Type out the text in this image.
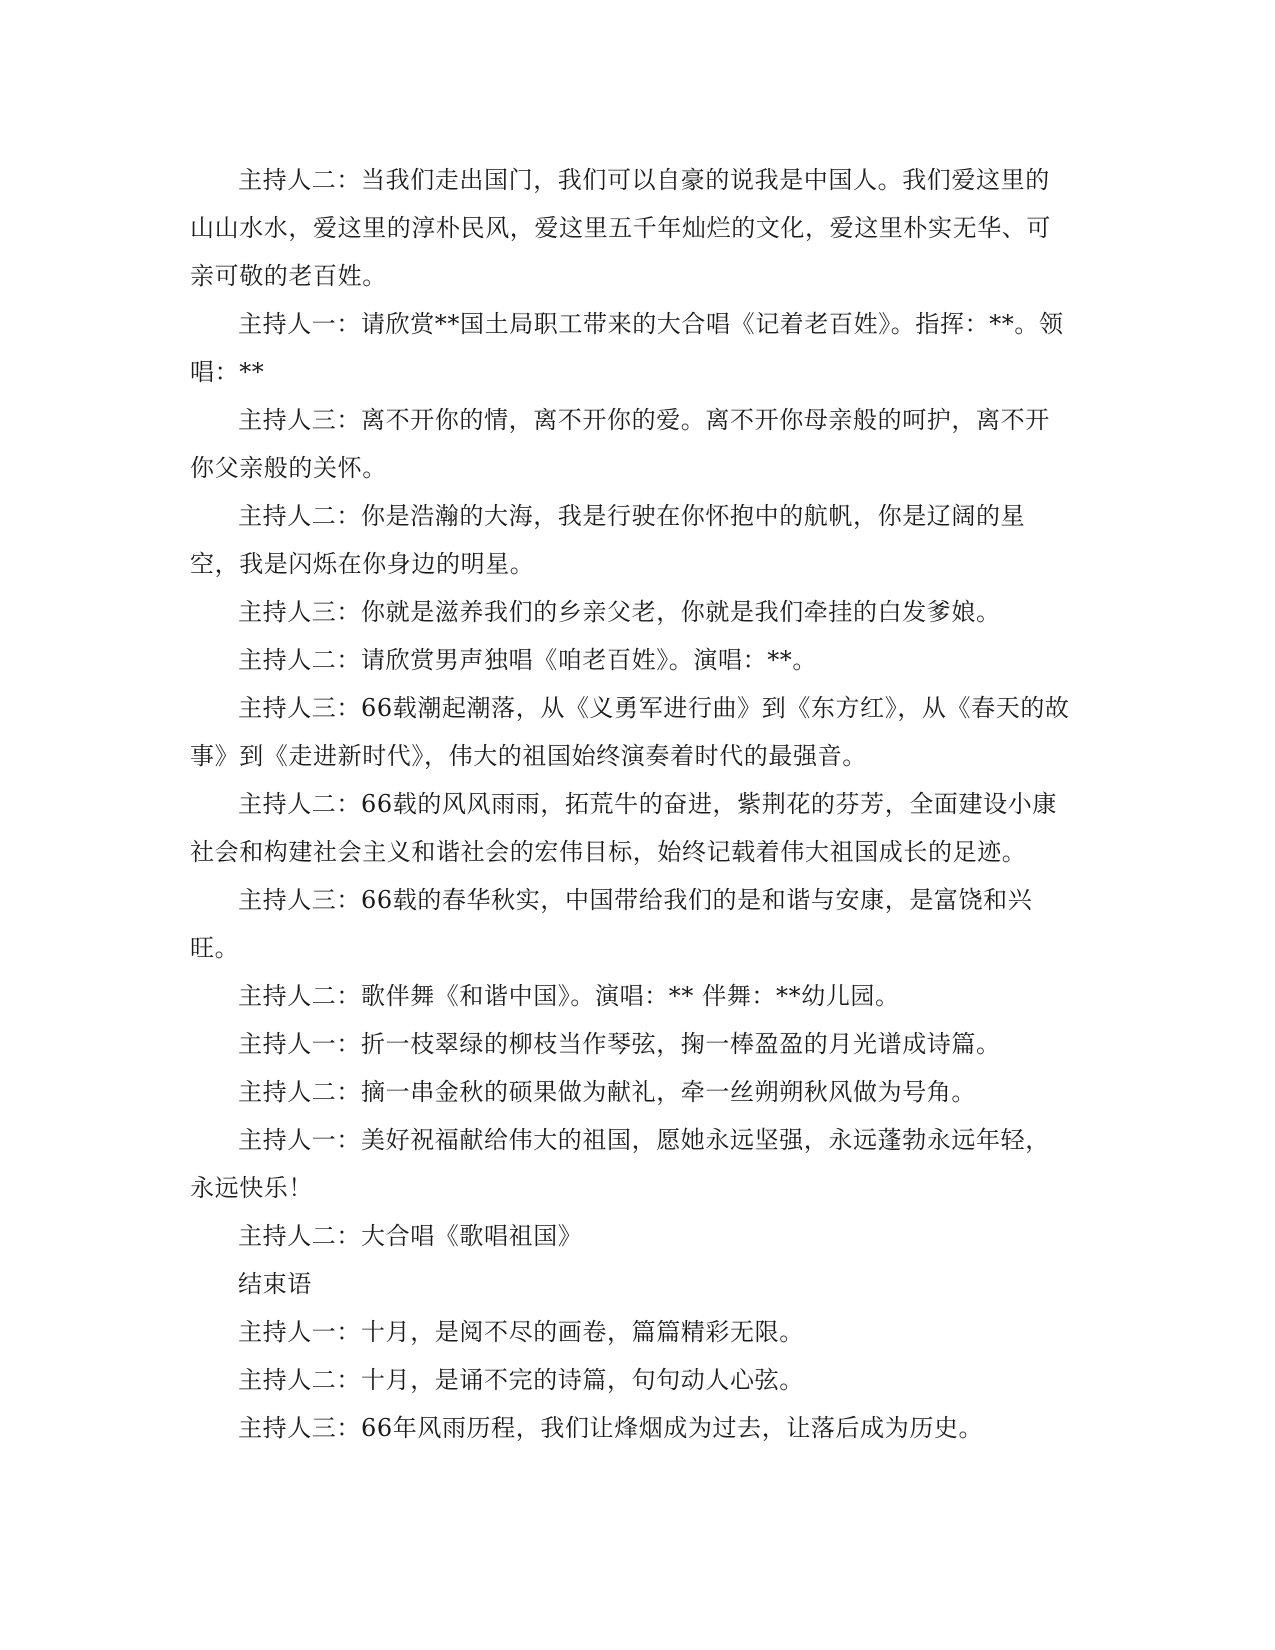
主持人二：当我们走出国门，我们可以自豪的说我是中国人。我们爱这里的山山水水，爱这里的淳朴民风，爱这里五千年灿烂的文化，爱这里朴实无华、可亲可敬的老百姓。

主持人一：请欣赏**国土局职工带来的大合唱《记着老百姓》。指挥：**。领唱：**

主持人三：离不开你的情，离不开你的爱。离不开你母亲般的呵护，离不开你父亲般的关怀。

主持人二：你是浩瀚的大海，我是行驶在你怀抱中的航帆，你是辽阔的星空，我是闪烁在你身边的明星。

主持人三：你就是滋养我们的乡亲父老，你就是我们牵挂的白发爹娘。

主持人二：请欣赏男声独唱《咱老百姓》。演唱：**。

主持人三：66载潮起潮落，从《义勇军进行曲》到《东方红》，从《春天的故事》到《走进新时代》，伟大的祖国始终演奏着时代的最强音。

主持人二：66载的风风雨雨，拓荒牛的奋进，紫荆花的芬芳，全面建设小康社会和构建社会主义和谐社会的宏伟目标，始终记载着伟大祖国成长的足迹。

主持人三：66载的春华秋实，中国带给我们的是和谐与安康，是富饶和兴旺。

主持人二：歌伴舞《和谐中国》。演唱：** 伴舞：**幼儿园。

主持人一：折一枝翠绿的柳枝当作琴弦，掬一棒盈盈的月光谱成诗篇。

主持人二：摘一串金秋的硕果做为献礼，牵一丝朔朔秋风做为号角。

主持人一：美好祝福献给伟大的祖国，愿她永远坚强，永远蓬勃永远年轻，永远快乐！

主持人二：大合唱《歌唱祖国》

结束语

主持人一：十月，是阅不尽的画卷，篇篇精彩无限。

主持人二：十月，是诵不完的诗篇，句句动人心弦。

主持人三：66年风雨历程，我们让烽烟成为过去，让落后成为历史。
